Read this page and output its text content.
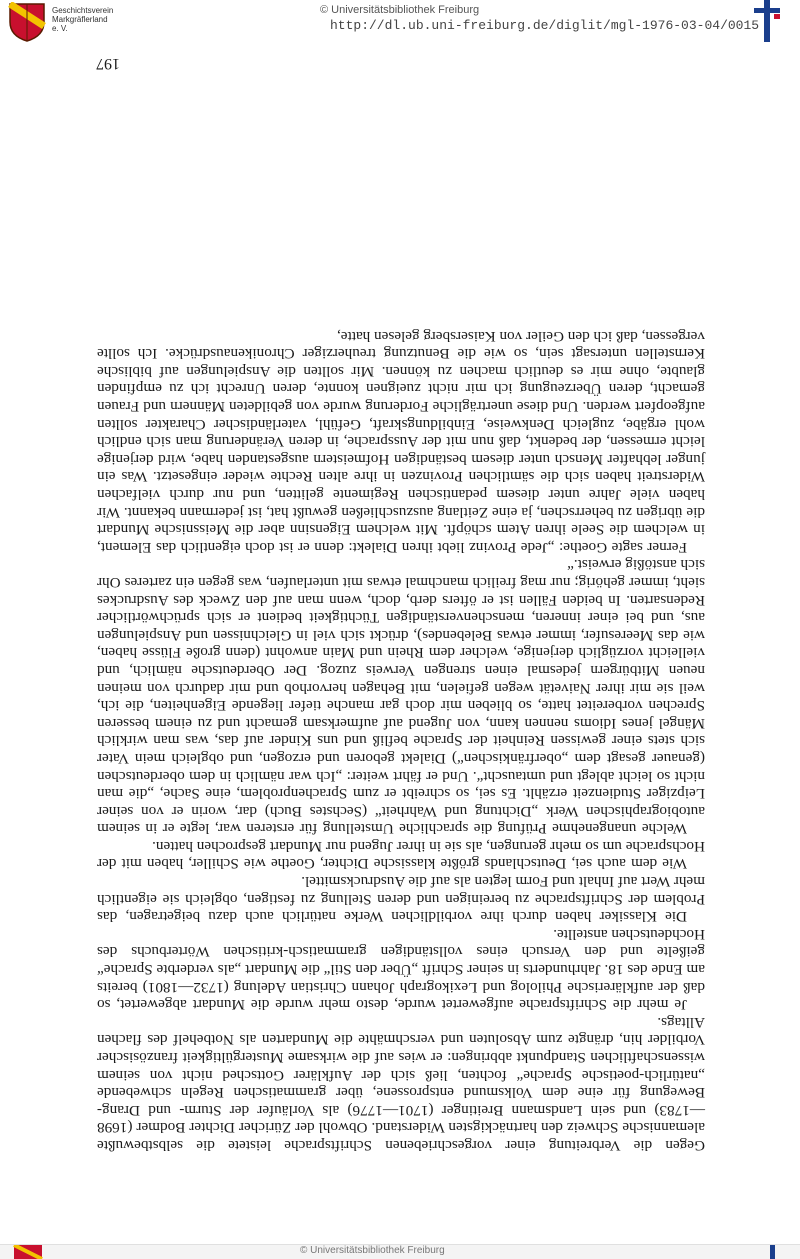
Geschichtsverein Markgräflerland e. V.
© Universitätsbibliothek Freiburg
http://dl.ub.uni-freiburg.de/diglit/mgl-1976-03-04/0015

Gegen die Verbreitung einer vorgeschriebenen Schriftsprache leistete die selbstbewußte alemannische Schweiz den hartnäckigsten Widerstand. Obwohl der Züricher Dichter Bodmer (1698—1783) und sein Landsmann Breitinger (1701—1776) als Vorläufer der Sturm- und Drang-Bewegung für eine dem Volksmund entsprossene, über grammatischen Regeln schwebende „natürlich-poetische Sprache“ fochten, ließ sich der Aufklärer Gottsched nicht von seinem wissenschaftlichen Standpunkt abbringen: er wies auf die wirksame Mustergültigkeit französischer Vorbilder hin, drängte zum Absoluten und verschmähte die Mundarten als Notbehelf des flachen Alltags.

Je mehr die Schriftsprache aufgewertet wurde, desto mehr wurde die Mundart abgewertet, so daß der aufklärerische Philolog und Lexikograph Johann Christian Adelung (1732—1801) bereits am Ende des 18. Jahrhunderts in seiner Schrift „Über den Stil“ die Mundart „als verderbte Sprache“ geißelte und den Versuch eines vollständigen grammatisch-kritischen Wörterbuchs des Hochdeutschen anstellte.

Die Klassiker haben durch ihre vorbildlichen Werke natürlich auch dazu beigetragen, das Problem der Schriftsprache zu bereinigen und deren Stellung zu festigen, obgleich sie eigentlich mehr Wert auf Inhalt und Form legten als auf die Ausdrucksmittel.

Wie dem auch sei, Deutschlands größte klassische Dichter, Goethe wie Schiller, haben mit der Hochsprache um so mehr gerungen, als sie in ihrer Jugend nur Mundart gesprochen hatten.

Welche unangenehme Prüfung die sprachliche Umstellung für ersteren war, legte er in seinem autobiographischen Werk „Dichtung und Wahrheit“ (Sechstes Buch) dar, worin er von seiner Leipziger Studienzeit erzählt. Es sei, so schreibt er zum Sprachenproblem, eine Sache, „die man nicht so leicht ablegt und umtauscht“. Und er fährt weiter: „Ich war nämlich in dem oberdeutschen (genauer gesagt dem „oberfränkischen“) Dialekt geboren und erzogen, und obgleich mein Vater sich stets einer gewissen Reinheit der Sprache befliß und uns Kinder auf das, was man wirklich Mängel jenes Idioms nennen kann, von Jugend auf aufmerksam gemacht und zu einem besseren Sprechen vorbereitet hatte, so blieben mir doch gar manche tiefer liegende Eigenheiten, die ich, weil sie mir ihrer Naivetät wegen gefielen, mit Behagen hervorhob und mir dadurch von meinen neuen Mitbürgern jedesmal einen strengen Verweis zuzog. Der Oberdeutsche nämlich, und vielleicht vorzüglich derjenige, welcher dem Rhein und Main anwohnt (denn große Flüsse haben, wie das Meeresufer, immer etwas Belebendes), drückt sich viel in Gleichnissen und Anspielungen aus, und bei einer inneren, menschenverständigen Tüchtigkeit bedient er sich sprüchwörtlicher Redensarten. In beiden Fällen ist er öfters derb, doch, wenn man auf den Zweck des Ausdruckes sieht, immer gehörig; nur mag freilich manchmal etwas mit unterlaufen, was gegen ein zarteres Ohr sich anstößig erweist.“

Ferner sagte Goethe: „Jede Provinz liebt ihren Dialekt: denn er ist doch eigentlich das Element, in welchem die Seele ihren Atem schöpft. Mit welchem Eigensinn aber die Meissnische Mundart die übrigen zu beherrschen, ja eine Zeitlang auszuschließen gewußt hat, ist jedermann bekannt. Wir haben viele Jahre unter diesem pedantischen Regimente gelitten, und nur durch vielfachen Widerstreit haben sich die sämtlichen Provinzen in ihre alten Rechte wieder eingesetzt. Was ein junger lebhafter Mensch unter diesem beständigen Hofmeistern ausgestanden habe, wird derjenige leicht ermessen, der bedenkt, daß nun mit der Aussprache, in deren Veränderung man sich endlich wohl ergäbe, zugleich Denkweise, Einbildungskraft, Gefühl, vaterländischer Charakter sollten aufgeopfert werden. Und diese unerträgliche Forderung wurde von gebildeten Männern und Frauen gemacht, deren Überzeugung ich mir nicht zueignen konnte, deren Unrecht ich zu empfinden glaubte, ohne mir es deutlich machen zu können. Mir sollten die Anspielungen auf biblische Kernstellen untersagt sein, so wie die Benutzung treuherziger Chronikenausdrücke. Ich sollte vergessen, daß ich den Geiler von Kaisersberg gelesen hatte,

197
© Universitätsbibliothek Freiburg
